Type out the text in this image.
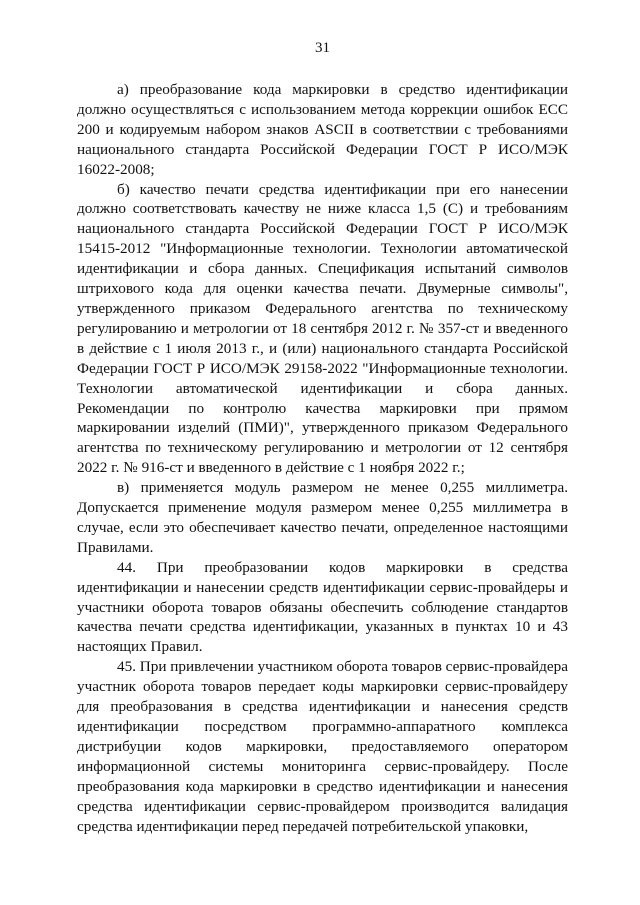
31

а) преобразование кода маркировки в средство идентификации должно осуществляться с использованием метода коррекции ошибок ЕСС 200 и кодируемым набором знаков ASCII в соответствии с требованиями национального стандарта Российской Федерации ГОСТ Р ИСО/МЭК 16022-2008;

б) качество печати средства идентификации при его нанесении должно соответствовать качеству не ниже класса 1,5 (С) и требованиям национального стандарта Российской Федерации ГОСТ Р ИСО/МЭК 15415-2012 "Информационные технологии. Технологии автоматической идентификации и сбора данных. Спецификация испытаний символов штрихового кода для оценки качества печати. Двумерные символы", утвержденного приказом Федерального агентства по техническому регулированию и метрологии от 18 сентября 2012 г. № 357-ст и введенного в действие с 1 июля 2013 г., и (или) национального стандарта Российской Федерации ГОСТ Р ИСО/МЭК 29158-2022 "Информационные технологии. Технологии автоматической идентификации и сбора данных. Рекомендации по контролю качества маркировки при прямом маркировании изделий (ПМИ)", утвержденного приказом Федерального агентства по техническому регулированию и метрологии от 12 сентября 2022 г. № 916-ст и введенного в действие с 1 ноября 2022 г.;

в) применяется модуль размером не менее 0,255 миллиметра. Допускается применение модуля размером менее 0,255 миллиметра в случае, если это обеспечивает качество печати, определенное настоящими Правилами.

44. При преобразовании кодов маркировки в средства идентификации и нанесении средств идентификации сервис-провайдеры и участники оборота товаров обязаны обеспечить соблюдение стандартов качества печати средства идентификации, указанных в пунктах 10 и 43 настоящих Правил.

45. При привлечении участником оборота товаров сервис-провайдера участник оборота товаров передает коды маркировки сервис-провайдеру для преобразования в средства идентификации и нанесения средств идентификации посредством программно-аппаратного комплекса дистрибуции кодов маркировки, предоставляемого оператором информационной системы мониторинга сервис-провайдеру. После преобразования кода маркировки в средство идентификации и нанесения средства идентификации сервис-провайдером производится валидация средства идентификации перед передачей потребительской упаковки,
